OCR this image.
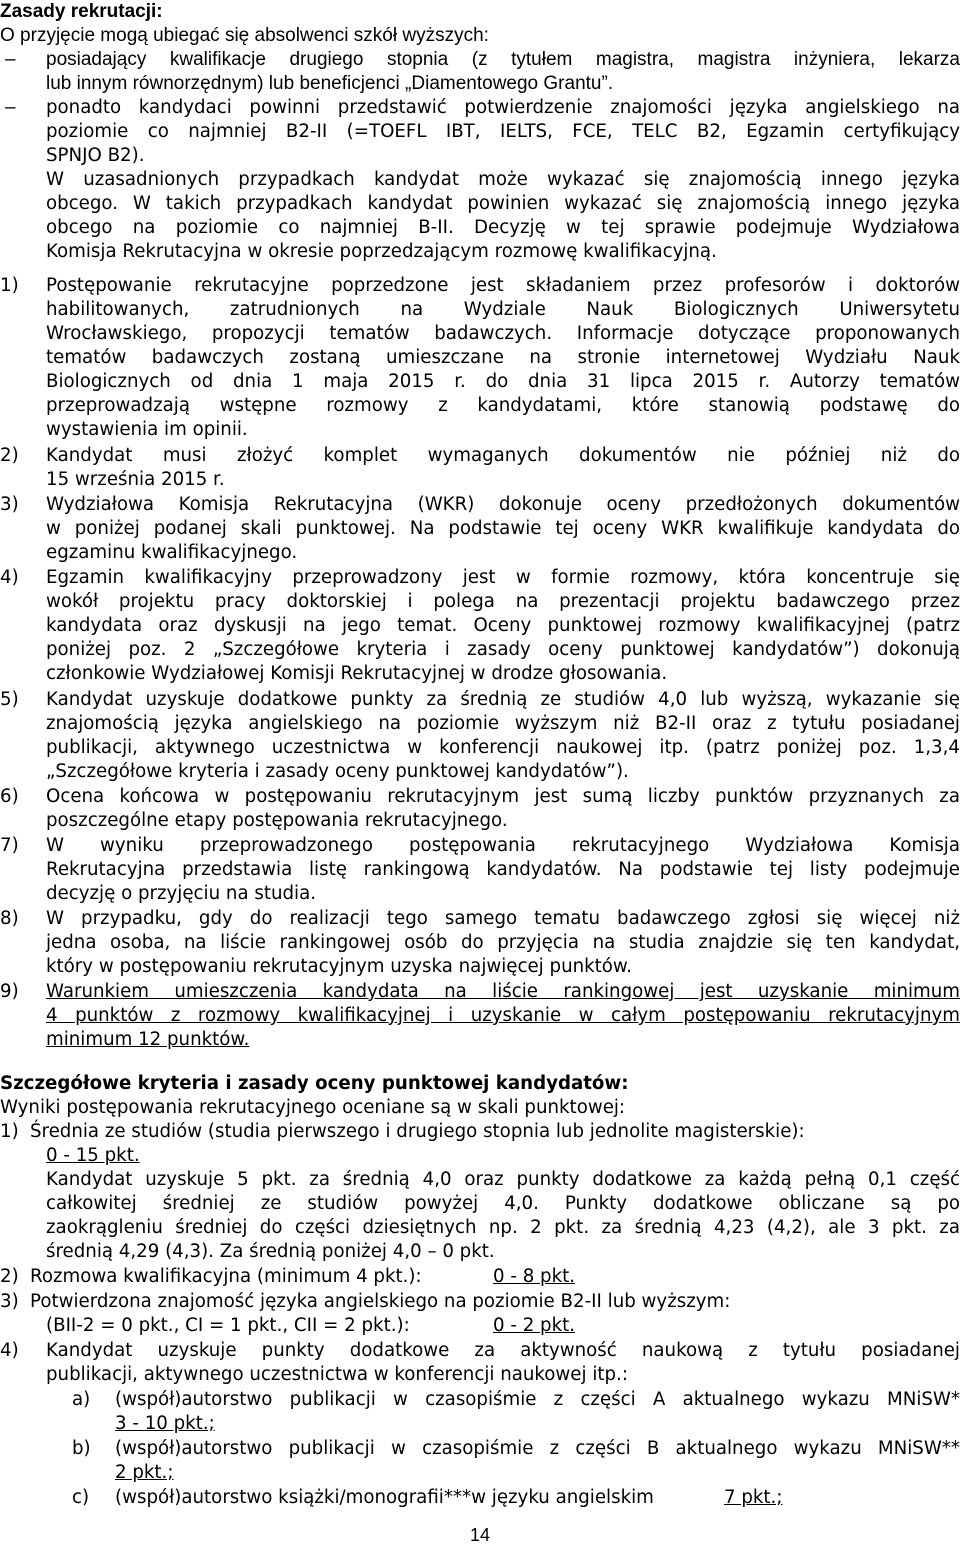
Zasady rekrutacji:
O przyjęcie mogą ubiegać się absolwenci szkół wyższych:
– posiadający kwalifikacje drugiego stopnia (z tytułem magistra, magistra inżyniera, lekarza
lub innym równorzędnym) lub beneficjenci „Diamentowego Grantu”.
– ponadto kandydaci powinni przedstawić potwierdzenie znajomości języka angielskiego na
poziomie co najmniej B2-II (=TOEFL IBT, IELTS, FCE, TELC B2, Egzamin certyfikujący
SPNJO B2).
W uzasadnionych przypadkach kandydat może wykazać się znajomością innego języka
obcego. W takich przypadkach kandydat powinien wykazać się znajomością innego języka
obcego na poziomie co najmniej B-II. Decyzję w tej sprawie podejmuje Wydziałowa
Komisja Rekrutacyjna w okresie poprzedzającym rozmowę kwalifikacyjną.
1) Postępowanie rekrutacyjne poprzedzone jest składaniem przez profesorów i doktorów
habilitowanych, zatrudnionych na Wydziale Nauk Biologicznych Uniwersytetu
Wrocławskiego, propozycji tematów badawczych. Informacje dotyczące proponowanych
tematów badawczych zostaną umieszczane na stronie internetowej Wydziału Nauk
Biologicznych od dnia 1 maja 2015 r. do dnia 31 lipca 2015 r. Autorzy tematów
przeprowadzają wstępne rozmowy z kandydatami, które stanowią podstawę do
wystawienia im opinii.
2) Kandydat musi złożyć komplet wymaganych dokumentów nie później niż do
15 września 2015 r.
3) Wydziałowa Komisja Rekrutacyjna (WKR) dokonuje oceny przedłożonych dokumentów
w poniżej podanej skali punktowej. Na podstawie tej oceny WKR kwalifikuje kandydata do
egzaminu kwalifikacyjnego.
4) Egzamin kwalifikacyjny przeprowadzony jest w formie rozmowy, która koncentruje się
wokół projektu pracy doktorskiej i polega na prezentacji projektu badawczego przez
kandydata oraz dyskusji na jego temat. Oceny punktowej rozmowy kwalifikacyjnej (patrz
poniżej poz. 2 „Szczegółowe kryteria i zasady oceny punktowej kandydatów”) dokonują
członkowie Wydziałowej Komisji Rekrutacyjnej w drodze głosowania.
5) Kandydat uzyskuje dodatkowe punkty za średnią ze studiów 4,0 lub wyższą, wykazanie się
znajomością języka angielskiego na poziomie wyższym niż B2-II oraz z tytułu posiadanej
publikacji, aktywnego uczestnictwa w konferencji naukowej itp. (patrz poniżej poz. 1,3,4
„Szczegółowe kryteria i zasady oceny punktowej kandydatów”).
6) Ocena końcowa w postępowaniu rekrutacyjnym jest sumą liczby punktów przyznanych za
poszczególne etapy postępowania rekrutacyjnego.
7) W wyniku przeprowadzonego postępowania rekrutacyjnego Wydziałowa Komisja
Rekrutacyjna przedstawia listę rankingową kandydatów. Na podstawie tej listy podejmuje
decyzję o przyjęciu na studia.
8) W przypadku, gdy do realizacji tego samego tematu badawczego zgłosi się więcej niż
jedna osoba, na liście rankingowej osób do przyjęcia na studia znajdzie się ten kandydat,
który w postępowaniu rekrutacyjnym uzyska najwięcej punktów.
9) Warunkiem umieszczenia kandydata na liście rankingowej jest uzyskanie minimum
4 punktów z rozmowy kwalifikacyjnej i uzyskanie w całym postępowaniu rekrutacyjnym
minimum 12 punktów.
Szczegółowe kryteria i zasady oceny punktowej kandydatów:
Wyniki postępowania rekrutacyjnego oceniane są w skali punktowej:
1) Średnia ze studiów (studia pierwszego i drugiego stopnia lub jednolite magisterskie):
0 - 15 pkt.
Kandydat uzyskuje 5 pkt. za średnią 4,0 oraz punkty dodatkowe za każdą pełną 0,1 część
całkowitej średniej ze studiów powyżej 4,0. Punkty dodatkowe obliczane są po
zaokrągleniu średniej do części dziesiętnych np. 2 pkt. za średnią 4,23 (4,2), ale 3 pkt. za
średnią 4,29 (4,3). Za średnią poniżej 4,0 – 0 pkt.
2) Rozmowa kwalifikacyjna (minimum 4 pkt.):	0 - 8 pkt.
3) Potwierdzona znajomość języka angielskiego na poziomie B2-II lub wyższym:
(BII-2 = 0 pkt., CI = 1 pkt., CII = 2 pkt.):	0 - 2 pkt.
4) Kandydat uzyskuje punkty dodatkowe za aktywność naukową z tytułu posiadanej
publikacji, aktywnego uczestnictwa w konferencji naukowej itp.:
a) (współ)autorstwo publikacji w czasopiśmie z części A aktualnego wykazu MNiSW*
3 - 10 pkt.;
b) (współ)autorstwo publikacji w czasopiśmie z części B aktualnego wykazu MNiSW**
2 pkt.;
c) (współ)autorstwo książki/monografii***w języku angielskim	7 pkt.;
14
